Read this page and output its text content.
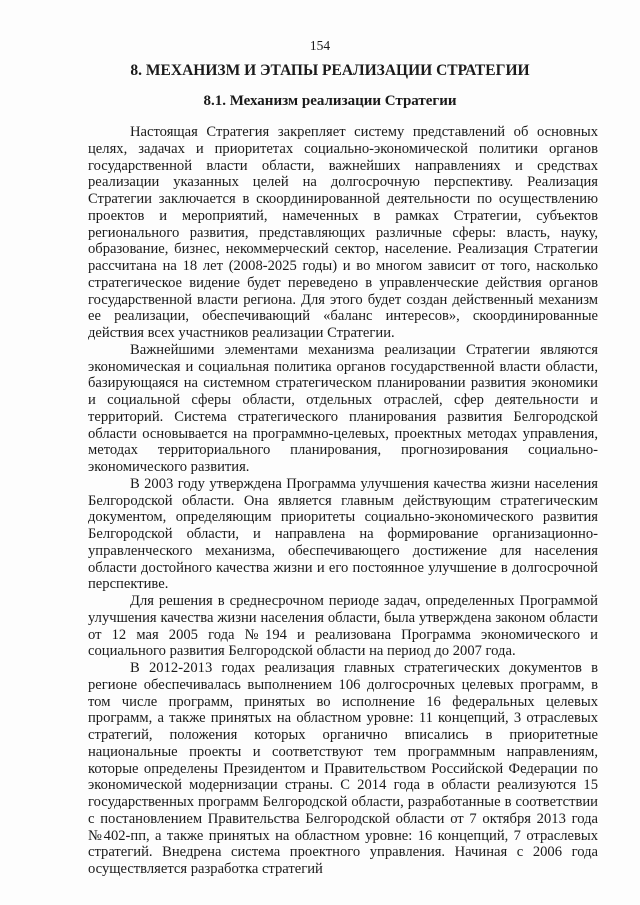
154
8. МЕХАНИЗМ И ЭТАПЫ РЕАЛИЗАЦИИ СТРАТЕГИИ
8.1. Механизм реализации Стратегии

Настоящая Стратегия закрепляет систему представлений об основных целях, задачах и приоритетах социально-экономической политики органов государственной власти области, важнейших направлениях и средствах реализации указанных целей на долгосрочную перспективу. Реализация Стратегии заключается в скоординированной деятельности по осуществлению проектов и мероприятий, намеченных в рамках Стратегии, субъектов регионального развития, представляющих различные сферы: власть, науку, образование, бизнес, некоммерческий сектор, население. Реализация Стратегии рассчитана на 18 лет (2008-2025 годы) и во многом зависит от того, насколько стратегическое видение будет переведено в управленческие действия органов государственной власти региона. Для этого будет создан действенный механизм ее реализации, обеспечивающий «баланс интересов», скоординированные действия всех участников реализации Стратегии.

Важнейшими элементами механизма реализации Стратегии являются экономическая и социальная политика органов государственной власти области, базирующаяся на системном стратегическом планировании развития экономики и социальной сферы области, отдельных отраслей, сфер деятельности и территорий. Система стратегического планирования развития Белгородской области основывается на программно-целевых, проектных методах управления, методах территориального планирования, прогнозирования социально-экономического развития.

В 2003 году утверждена Программа улучшения качества жизни населения Белгородской области. Она является главным действующим стратегическим документом, определяющим приоритеты социально-экономического развития Белгородской области, и направлена на формирование организационно-управленческого механизма, обеспечивающего достижение для населения области достойного качества жизни и его постоянное улучшение в долгосрочной перспективе.

Для решения в среднесрочном периоде задач, определенных Программой улучшения качества жизни населения области, была утверждена законом области от 12 мая 2005 года №194 и реализована Программа экономического и социального развития Белгородской области на период до 2007 года.

В 2012-2013 годах реализация главных стратегических документов в регионе обеспечивалась выполнением 106 долгосрочных целевых программ, в том числе программ, принятых во исполнение 16 федеральных целевых программ, а также принятых на областном уровне: 11 концепций, 3 отраслевых стратегий, положения которых органично вписались в приоритетные национальные проекты и соответствуют тем программным направлениям, которые определены Президентом и Правительством Российской Федерации по экономической модернизации страны. С 2014 года в области реализуются 15 государственных программ Белгородской области, разработанные в соответствии с постановлением Правительства Белгородской области от 7 октября 2013 года №402-пп, а также принятых на областном уровне: 16 концепций, 7 отраслевых стратегий. Внедрена система проектного управления. Начиная с 2006 года осуществляется разработка стратегий
